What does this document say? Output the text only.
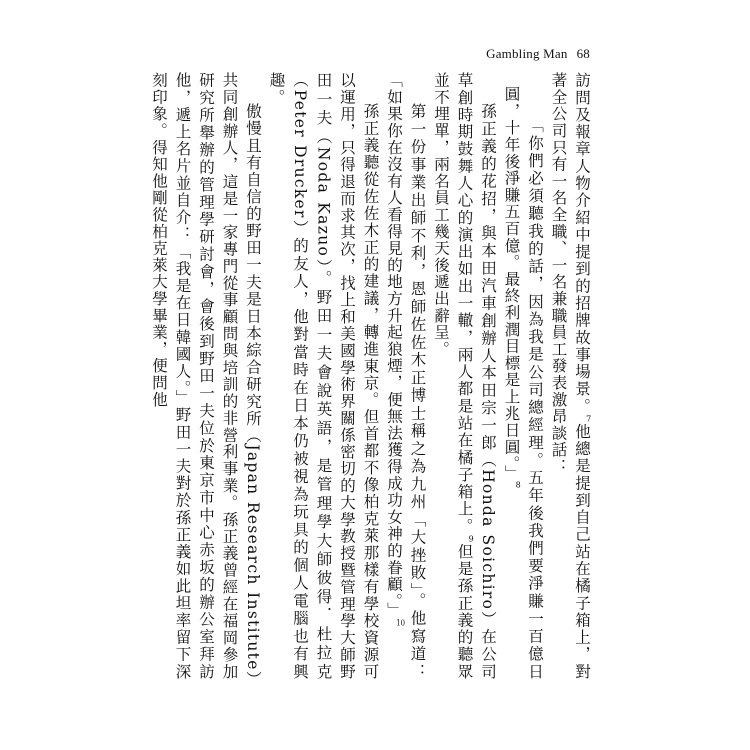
Gambling Man 68

訪問及報章人物介紹中提到的招牌故事場景。$^7$他總是提到自己站在橘子箱上，對著全公司只有一名全職、一名兼職員工發表激昂談話：

「你們必須聽我的話，因為我是公司總經理。五年後我們要淨賺一百億日圓，十年後淨賺五百億。最終利潤目標是上兆日圓。」$^8$

孫正義的花招，與本田汽車創辦人本田宗一郎（Honda Soichiro）在公司草創時期鼓舞人心的演出如出一轍，兩人都是站在橘子箱上。$^9$但是孫正義的聽眾並不埋單，兩名員工幾天後遞出辭呈。

第一份事業出師不利，恩師佐佐木正博士稱之為九州「大挫敗」。他寫道：「如果你在沒有人看得見的地方升起狼煙，便無法獲得成功女神的眷顧。」$^{10}$

孫正義聽從佐佐木正的建議，轉進東京。但首都不像柏克萊那樣有學校資源可以運用，只得退而求其次，找上和美國學術界關係密切的大學教授暨管理學大師野田一夫（Noda Kazuo）。野田一夫會說英語，是管理學大師彼得．杜拉克（Peter Drucker）的友人，他對當時在日本仍被視為玩具的個人電腦也有興趣。

傲慢且有自信的野田一夫是日本綜合研究所（Japan Research Institute）共同創辦人，這是一家專門從事顧問與培訓的非營利事業。孫正義曾經在福岡參加研究所舉辦的管理學研討會，會後到野田一夫位於東京市中心赤坂的辦公室拜訪他，遞上名片並自介：「我是在日韓國人。」野田一夫對於孫正義如此坦率留下深刻印象。得知他剛從柏克萊大學畢業，便問他
